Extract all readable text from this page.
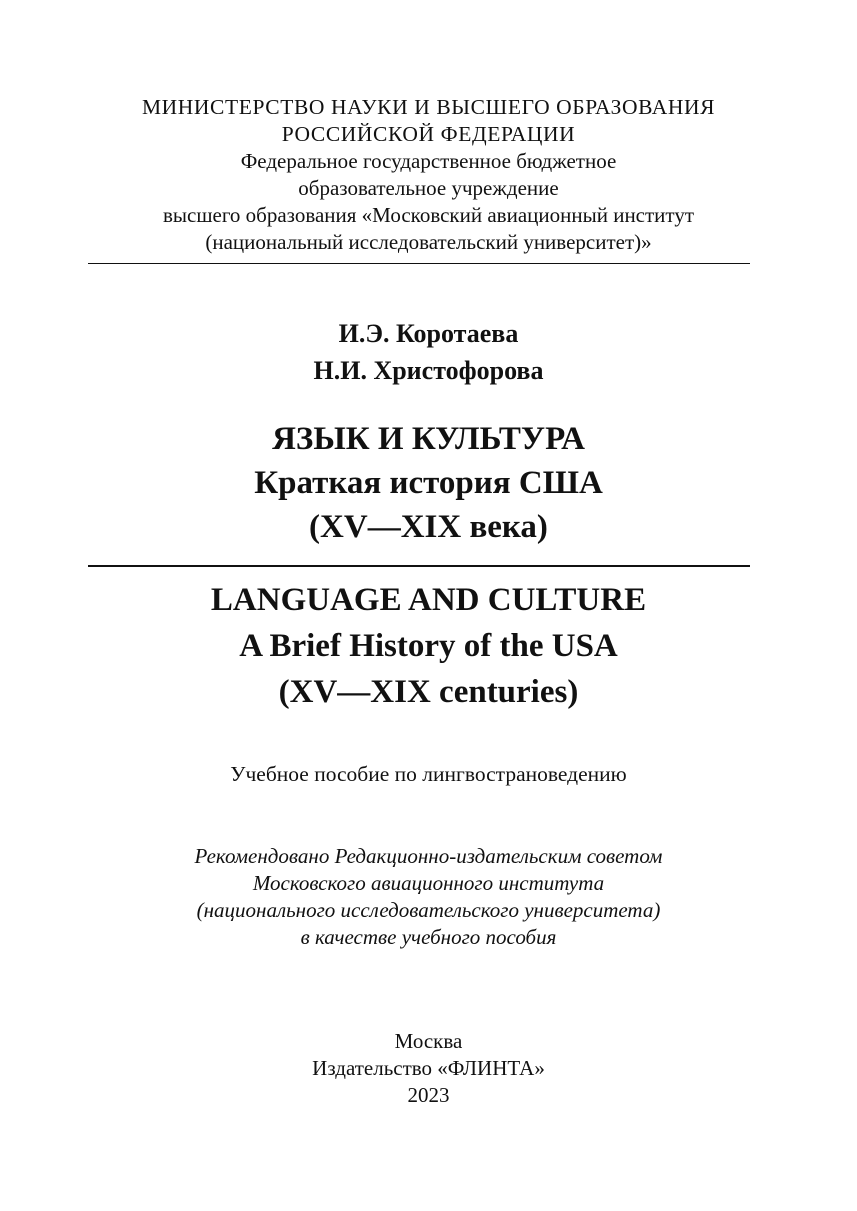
МИНИСТЕРСТВО НАУКИ И ВЫСШЕГО ОБРАЗОВАНИЯ
РОССИЙСКОЙ ФЕДЕРАЦИИ
Федеральное государственное бюджетное
образовательное учреждение
высшего образования «Московский авиационный институт
(национальный исследовательский университет)»
И.Э. Коротаева
Н.И. Христофорова
ЯЗЫК И КУЛЬТУРА
Краткая история США
(XV—XIX века)
LANGUAGE AND CULTURE
A Brief History of the USA
(XV—XIX centuries)
Учебное пособие по лингвострановедению
Рекомендовано Редакционно-издательским советом
Московского авиационного института
(национального исследовательского университета)
в качестве учебного пособия
Москва
Издательство «ФЛИНТА»
2023
